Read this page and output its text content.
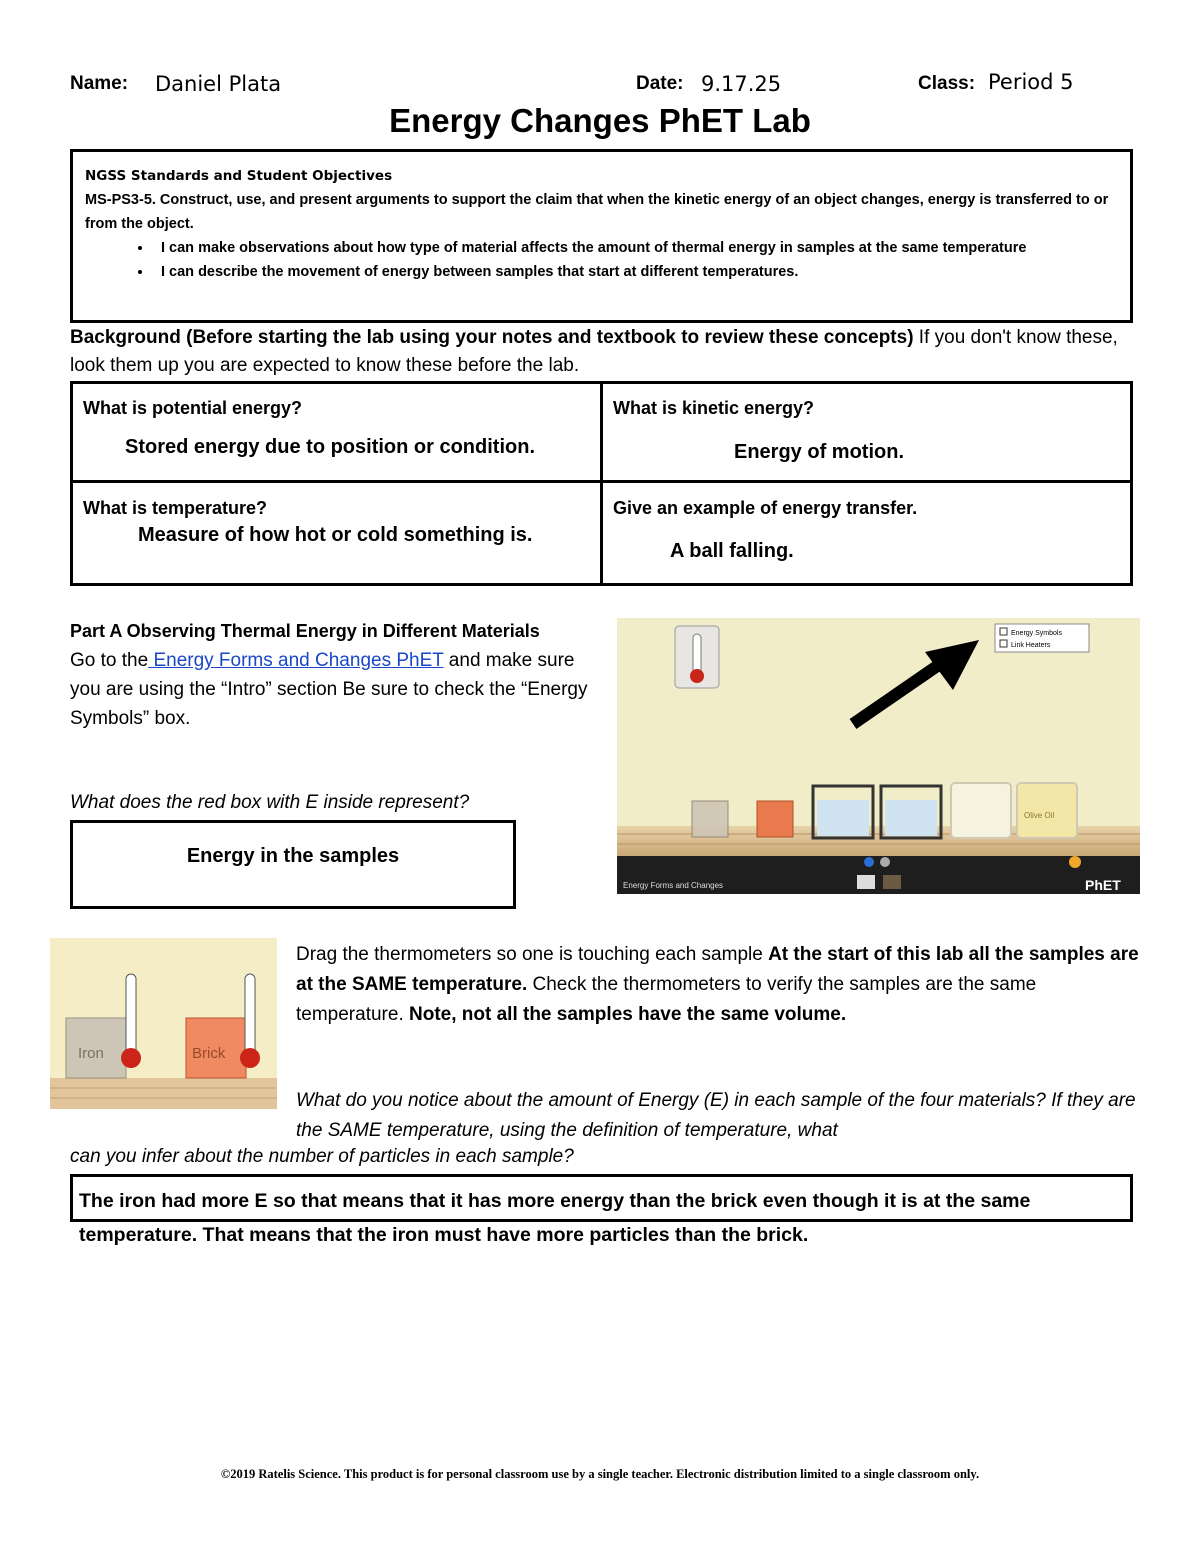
Name: Daniel Plata	Date: 9.17.25	Class: Period 5
Energy Changes PhET Lab
NGSS Standards and Student Objectives
MS-PS3-5. Construct, use, and present arguments to support the claim that when the kinetic energy of an object changes, energy is transferred to or from the object.
• I can make observations about how type of material affects the amount of thermal energy in samples at the same temperature
• I can describe the movement of energy between samples that start at different temperatures.
Background (Before starting the lab using your notes and textbook to review these concepts) If you don't know these, look them up you are expected to know these before the lab.
What is potential energy?
Stored energy due to position or condition.
What is kinetic energy?
Energy of motion.
What is temperature?
Measure of how hot or cold something is.
Give an example of energy transfer.
A ball falling.
Part A Observing Thermal Energy in Different Materials
Go to the Energy Forms and Changes PhET and make sure you are using the “Intro” section Be sure to check the “Energy Symbols” box.
What does the red box with E inside represent?
Energy in the samples
Energy Symbols
Link Heaters
Olive Oil
Energy Forms and Changes	PhET
Iron	Brick
Drag the thermometers so one is touching each sample At the start of this lab all the samples are at the SAME temperature. Check the thermometers to verify the samples are the same temperature. Note, not all the samples have the same volume.
What do you notice about the amount of Energy (E) in each sample of the four materials? If they are the SAME temperature, using the definition of temperature, what
can you infer about the number of particles in each sample?
The iron had more E so that means that it has more energy than the brick even though it is at the same
temperature. That means that the iron must have more particles than the brick.
©2019 Ratelis Science. This product is for personal classroom use by a single teacher. Electronic distribution limited to a single classroom only.
